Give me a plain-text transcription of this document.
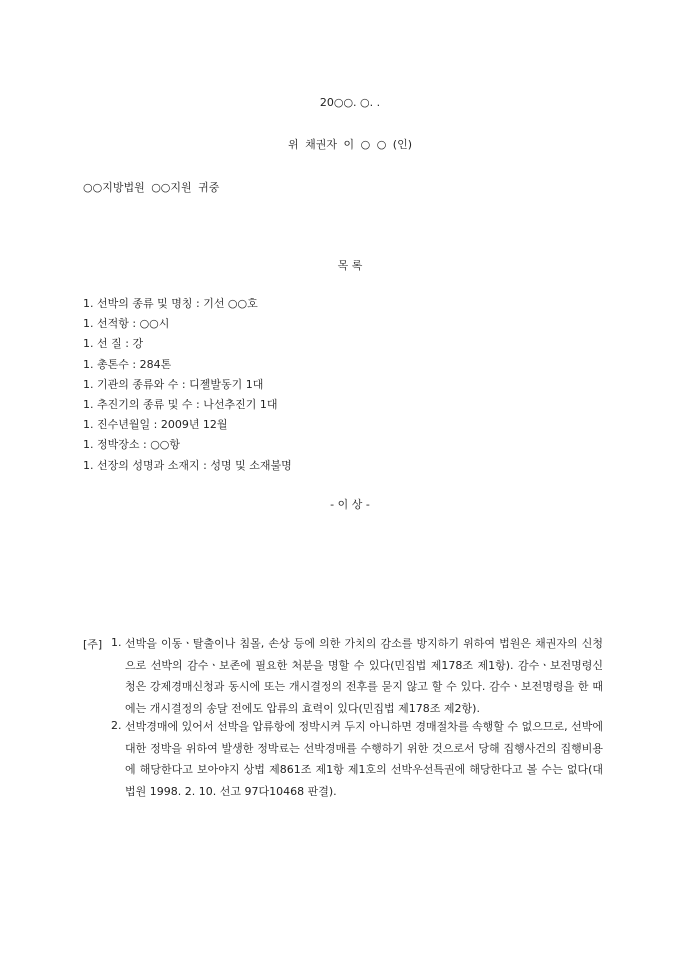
20○○. ○. .
위 채권자 이 ○ ○ (인)
○○지방법원 ○○지원 귀중
목 록
1. 선박의 종류 및 명칭 : 기선 ○○호
1. 선적항 : ○○시
1. 선 질 : 강
1. 총톤수 : 284톤
1. 기관의 종류와 수 : 디젤발동기 1대
1. 추진기의 종류 및 수 : 나선추진기 1대
1. 진수년월일 : 2009년 12월
1. 정박장소 : ○○항
1. 선장의 성명과 소재지 : 성명 및 소재불명
- 이 상 -
[주] 1. 선박을 이동ㆍ탈출이나 침몰, 손상 등에 의한 가치의 감소를 방지하기 위하여 법원은 채권자의 신청으로 선박의 감수ㆍ보존에 필요한 처분을 명할 수 있다(민집법 제178조 제1항). 감수ㆍ보전명령신청은 강제경매신청과 동시에 또는 개시결정의 전후를 묻지 않고 할 수 있다. 감수ㆍ보전명령을 한 때에는 개시결정의 송달 전에도 압류의 효력이 있다(민집법 제178조 제2항).
2. 선박경매에 있어서 선박을 압류항에 정박시켜 두지 아니하면 경매절차를 속행할 수 없으므로, 선박에 대한 정박을 위하여 발생한 정박료는 선박경매를 수행하기 위한 것으로서 당해 집행사건의 집행비용에 해당한다고 보아야지 상법 제861조 제1항 제1호의 선박우선특권에 해당한다고 볼 수는 없다(대법원 1998. 2. 10. 선고 97다10468 판결).
